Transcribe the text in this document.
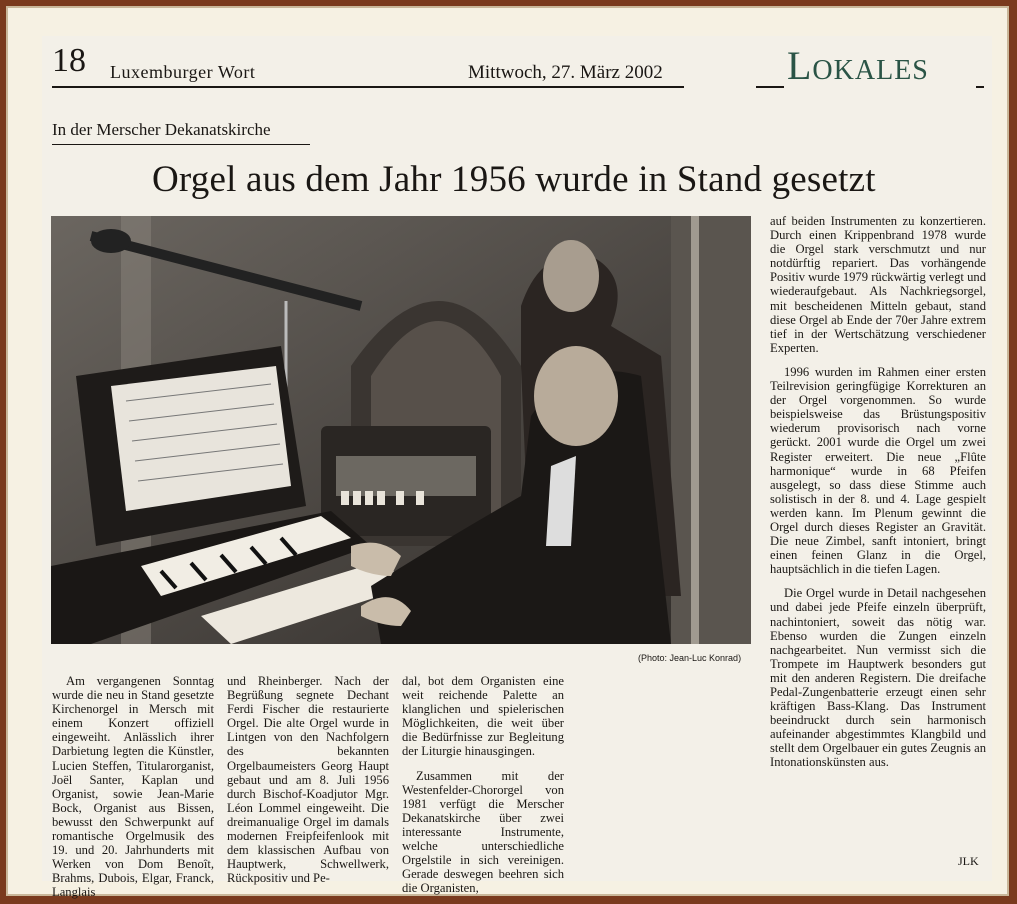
18 Luxemburger Wort	Mittwoch, 27. März 2002	Lokales
In der Merscher Dekanatskirche
Orgel aus dem Jahr 1956 wurde in Stand gesetzt
(Photo: Jean-Luc Konrad)

Am vergangenen Sonntag wurde die neu in Stand gesetzte Kirchenorgel in Mersch mit einem Konzert offiziell eingeweiht. Anlässlich ihrer Darbietung legten die Künstler, Lucien Steffen, Titularorganist, Joël Santer, Kaplan und Organist, sowie Jean-Marie Bock, Organist aus Bissen, bewusst den Schwerpunkt auf romantische Orgelmusik des 19. und 20. Jahrhunderts mit Werken von Dom Benoît, Brahms, Dubois, Elgar, Franck, Langlais

und Rheinberger. Nach der Begrüßung segnete Dechant Ferdi Fischer die restaurierte Orgel. Die alte Orgel wurde in Lintgen von den Nachfolgern des bekannten Orgelbaumeisters Georg Haupt gebaut und am 8. Juli 1956 durch Bischof-Koadjutor Mgr. Léon Lommel eingeweiht. Die dreimanualige Orgel im damals modernen Freipfeifenlook mit dem klassischen Aufbau von Hauptwerk, Schwellwerk, Rückpositiv und Pe-

dal, bot dem Organisten eine weit reichende Palette an klanglichen und spielerischen Möglichkeiten, die weit über die Bedürfnisse zur Begleitung der Liturgie hinausgingen.

Zusammen mit der Westenfelder-Chororgel von 1981 verfügt die Merscher Dekanatskirche über zwei interessante Instrumente, welche unterschiedliche Orgelstile in sich vereinigen. Gerade deswegen beehren sich die Organisten,

auf beiden Instrumenten zu konzertieren. Durch einen Krippenbrand 1978 wurde die Orgel stark verschmutzt und nur notdürftig repariert. Das vorhängende Positiv wurde 1979 rückwärtig verlegt und wiederaufgebaut. Als Nachkriegsorgel, mit bescheidenen Mitteln gebaut, stand diese Orgel ab Ende der 70er Jahre extrem tief in der Wertschätzung verschiedener Experten.

1996 wurden im Rahmen einer ersten Teilrevision geringfügige Korrekturen an der Orgel vorgenommen. So wurde beispielsweise das Brüstungspositiv wiederum provisorisch nach vorne gerückt. 2001 wurde die Orgel um zwei Register erweitert. Die neue „Flûte harmonique“ wurde in 68 Pfeifen ausgelegt, so dass diese Stimme auch solistisch in der 8. und 4. Lage gespielt werden kann. Im Plenum gewinnt die Orgel durch dieses Register an Gravität. Die neue Zimbel, sanft intoniert, bringt einen feinen Glanz in die Orgel, hauptsächlich in die tiefen Lagen.

Die Orgel wurde in Detail nachgesehen und dabei jede Pfeife einzeln überprüft, nachintoniert, soweit das nötig war. Ebenso wurden die Zungen einzeln nachgearbeitet. Nun vermisst sich die Trompete im Hauptwerk besonders gut mit den anderen Registern. Die dreifache Pedal-Zungenbatterie erzeugt einen sehr kräftigen Bass-Klang. Das Instrument beeindruckt durch sein harmonisch aufeinander abgestimmtes Klangbild und stellt dem Orgelbauer ein gutes Zeugnis an Intonationskünsten aus.

JLK
